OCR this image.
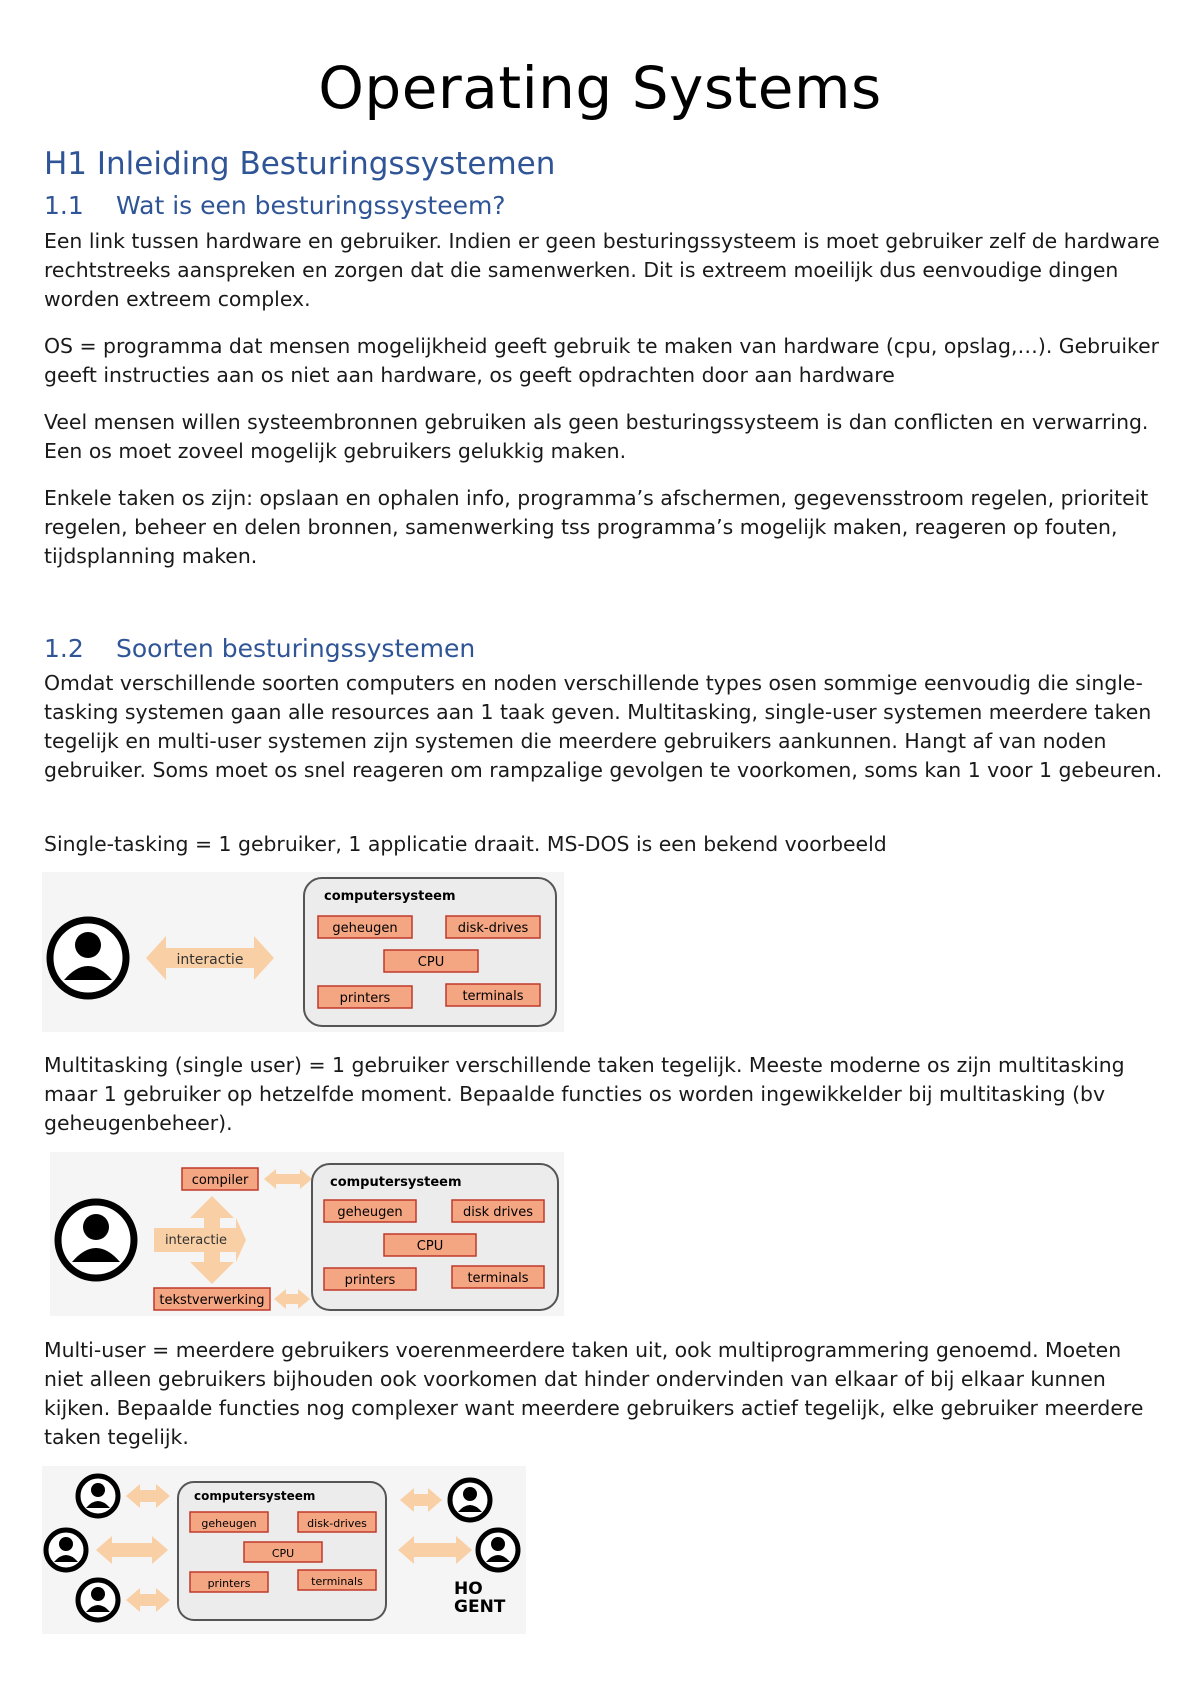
Operating Systems
H1 Inleiding Besturingssystemen
1.1 Wat is een besturingssysteem?

Een link tussen hardware en gebruiker. Indien er geen besturingssysteem is moet gebruiker zelf de hardware rechtstreeks aanspreken en zorgen dat die samenwerken. Dit is extreem moeilijk dus eenvoudige dingen worden extreem complex.

OS = programma dat mensen mogelijkheid geeft gebruik te maken van hardware (cpu, opslag,…). Gebruiker geeft instructies aan os niet aan hardware, os geeft opdrachten door aan hardware

Veel mensen willen systeembronnen gebruiken als geen besturingssysteem is dan conflicten en verwarring. Een os moet zoveel mogelijk gebruikers gelukkig maken.

Enkele taken os zijn: opslaan en ophalen info, programma’s afschermen, gegevensstroom regelen, prioriteit regelen, beheer en delen bronnen, samenwerking tss programma’s mogelijk maken, reageren op fouten, tijdsplanning maken.

1.2 Soorten besturingssystemen

Omdat verschillende soorten computers en noden verschillende types osen sommige eenvoudig die single-tasking systemen gaan alle resources aan 1 taak geven. Multitasking, single-user systemen meerdere taken tegelijk en multi-user systemen zijn systemen die meerdere gebruikers aankunnen. Hangt af van noden gebruiker. Soms moet os snel reageren om rampzalige gevolgen te voorkomen, soms kan 1 voor 1 gebeuren.

Single-tasking = 1 gebruiker, 1 applicatie draait. MS-DOS is een bekend voorbeeld

interactie
computersysteem
geheugen	disk-drives
CPU
printers	terminals

Multitasking (single user) = 1 gebruiker verschillende taken tegelijk. Meeste moderne os zijn multitasking maar 1 gebruiker op hetzelfde moment. Bepaalde functies os worden ingewikkelder bij multitasking (bv geheugenbeheer).

interactie
compiler
tekstverwerking
computersysteem
geheugen	disk drives
CPU
printers	terminals

Multi-user = meerdere gebruikers voerenmeerdere taken uit, ook multiprogrammering genoemd. Moeten niet alleen gebruikers bijhouden ook voorkomen dat hinder ondervinden van elkaar of bij elkaar kunnen kijken. Bepaalde functies nog complexer want meerdere gebruikers actief tegelijk, elke gebruiker meerdere taken tegelijk.

computersysteem
geheugen	disk-drives
CPU
printers	terminals	HO
GENT
